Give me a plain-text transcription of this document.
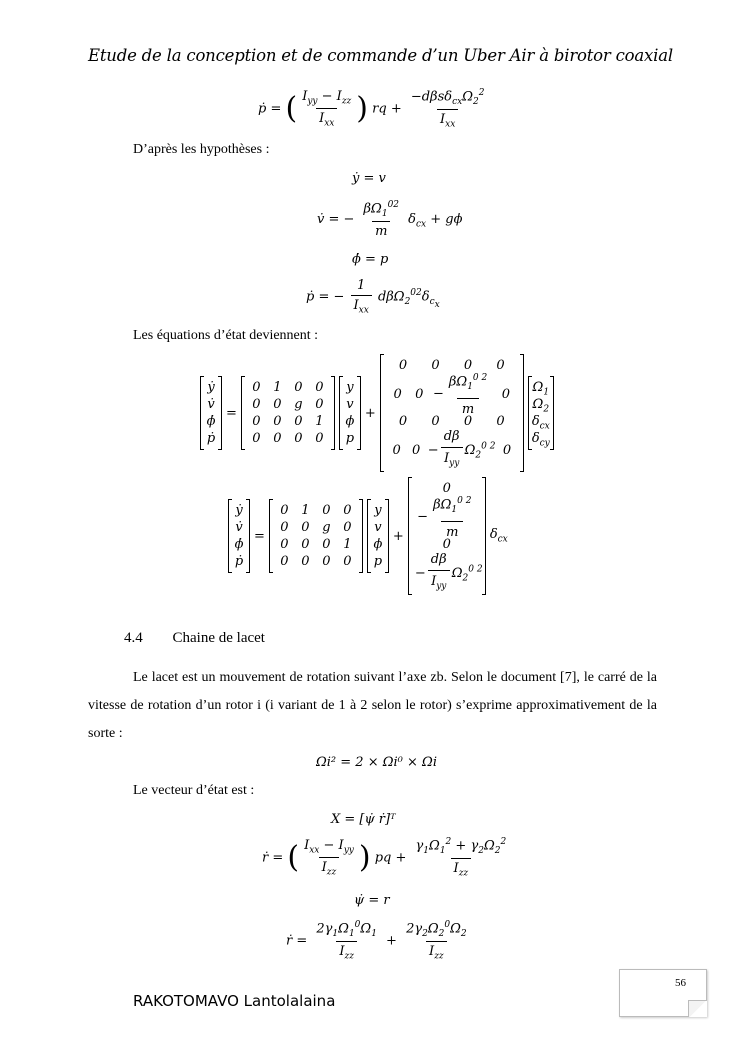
Etude de la conception et de commande d’un Uber Air à birotor coaxial
ṗ = ( $I_{yy} - I_{zz}$
$I_{xx}$ ) rq +
$-d\beta s\delta_{cx}\Omega_2^2$
$I_{xx}$
D’après les hypothèses :
ẏ = v
v̇ = − $\frac{\beta\Omega_1^{02}}{m} \delta_{cx} + g\phi$
ϕ̇ = p
ṗ = −
1
$I_{xx}$
$d\beta\Omega_2^{02}\delta_{c_x}$
Les équations d’état deviennent :
ẏ
v̇
ϕ̇
ṗ
=
0 1 0 0
0 0 g 0
0 0 0 1
0 0 0 0
y
v
ϕ
p
+
0 0 0 0
0 $0 - \frac{\beta\Omega_1^{0 2}}{m} 0$
0 0 0 0
0 0 −
dβ
$I_{yy}$
$\Omega_2^{0 2}$ 0
$\Omega_1$
$\Omega_2$
$\delta_{cx}$
$\delta_{cy}$
ẏ
v̇
ϕ̇
ṗ
=
0 1 0 0
0 0 g 0
0 0 0 1
0 0 0 0
y
v
ϕ
p
+
0
− $\frac{\beta\Omega_1^{0 2}}{m}$
0
−
dβ
$I_{yy}$
$\Omega_2^{0 2}$
$\delta_{cx}$
4.4 Chaine de lacet
Le lacet est un mouvement de rotation suivant l’axe zb. Selon le document [7], le carré de la vitesse de rotation d’un rotor i (i variant de 1 à 2 selon le rotor) s’exprime approximativement de la sorte :
Ωi² = 2 × Ωi⁰ × Ωi
Le vecteur d’état est :
X = [ψ̇ ṙ]ᵀ
ṙ = ( $I_{xx} - I_{yy}$
$I_{zz}$ ) pq +
$\gamma_1\Omega_1^2 + \gamma_2\Omega_2^2$
$I_{zz}$
ψ̇ = r
ṙ =
$2\gamma_1\Omega_1^0\Omega_1$
$I_{zz}$
+
$2\gamma_2\Omega_2^0\Omega_2$
$I_{zz}$
56
RAKOTOMAVO Lantolalaina
